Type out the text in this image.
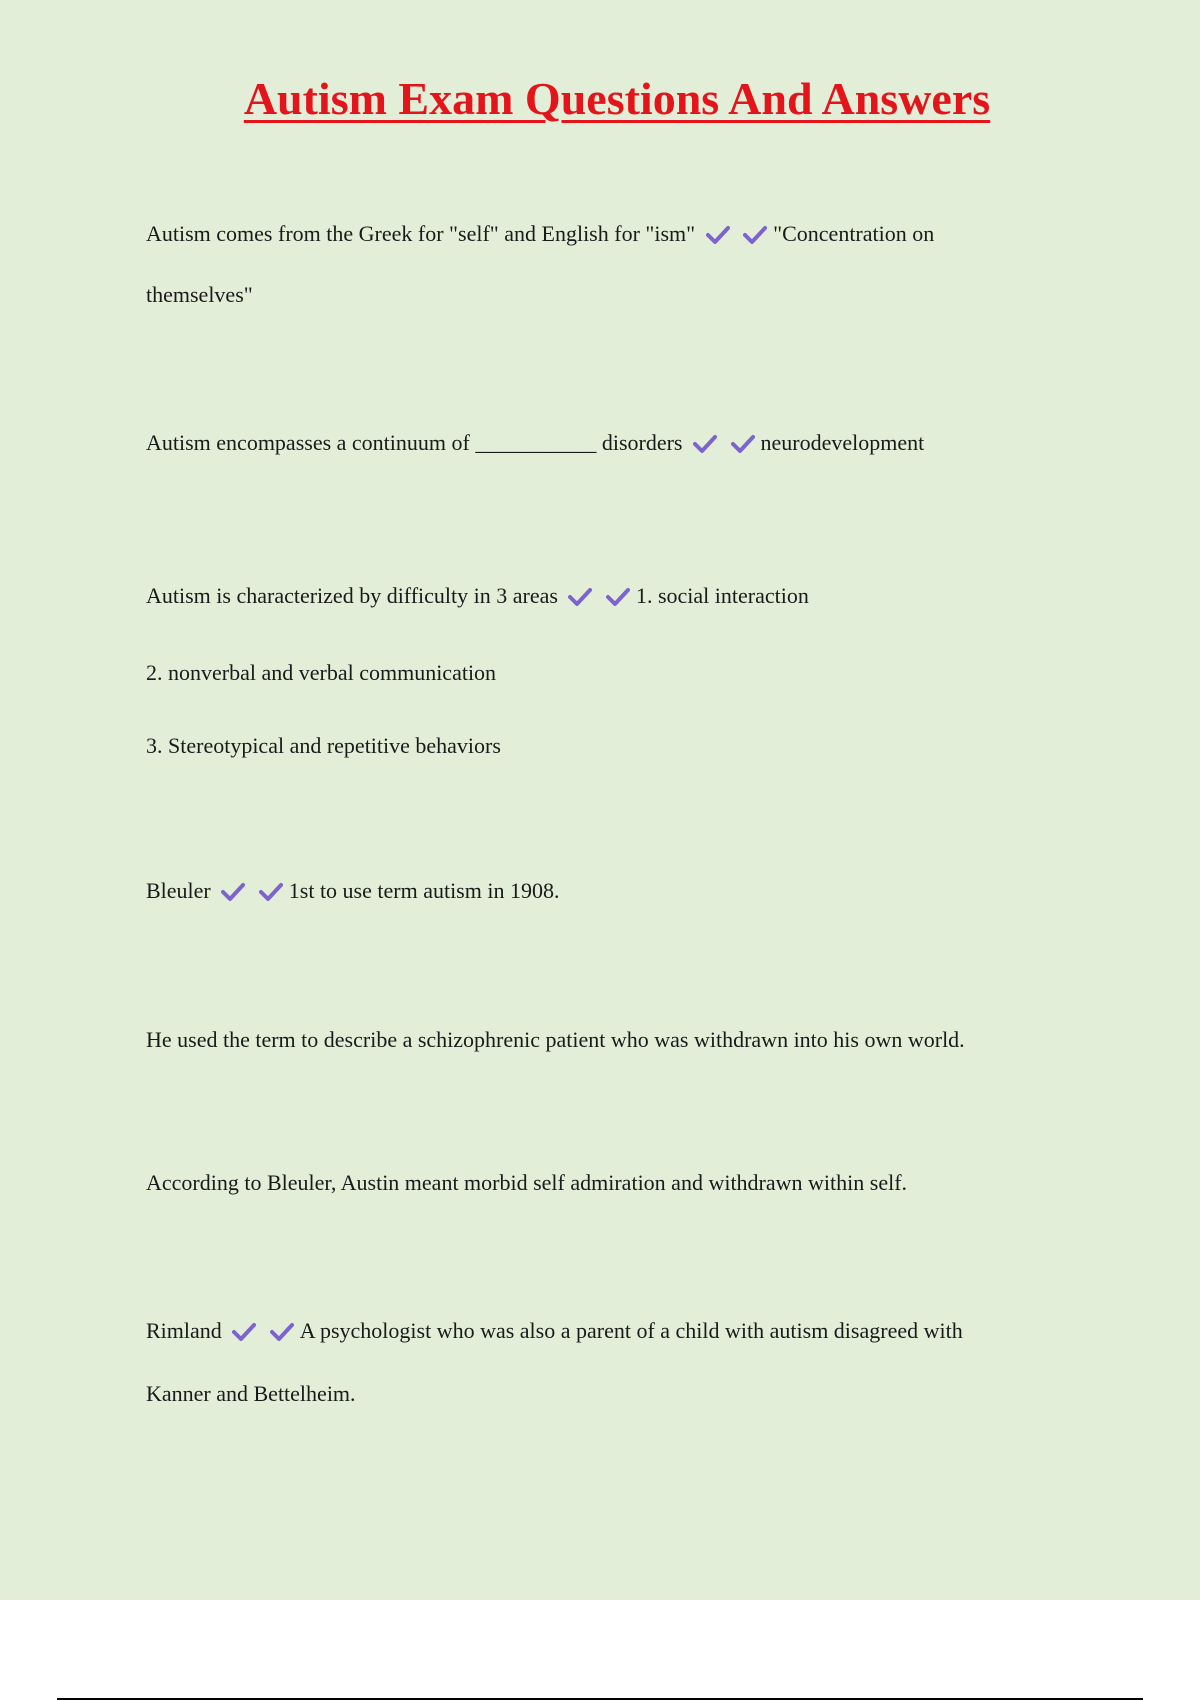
Autism Exam Questions And Answers
Autism comes from the Greek for "self" and English for "ism"
	"Concentration on
themselves"
Autism encompasses a continuum of ___________ disorders
	neurodevelopment
Autism is characterized by difficulty in 3 areas
	1. social interaction
2. nonverbal and verbal communication
3. Stereotypical and repetitive behaviors
Bleuler
	1st to use term autism in 1908.
He used the term to describe a schizophrenic patient who was withdrawn into his own world.
According to Bleuler, Austin meant morbid self admiration and withdrawn within self.
Rimland
	A psychologist who was also a parent of a child with autism disagreed with
Kanner and Bettelheim.
